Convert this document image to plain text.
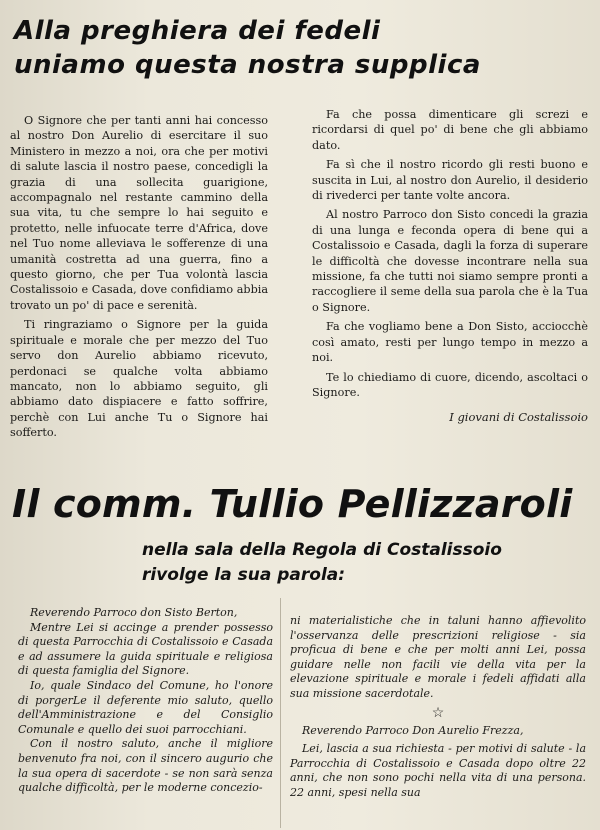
Alla preghiera dei fedeli
uniamo questa nostra supplica

O Signore che per tanti anni hai concesso al nostro Don Aurelio di esercitare il suo Ministero in mezzo a noi, ora che per motivi di salute lascia il nostro paese, concedigli la grazia di una sollecita guarigione, accompagnalo nel restante cammino della sua vita, tu che sempre lo hai seguito e protetto, nelle infuocate terre d'Africa, dove nel Tuo nome alleviava le sofferenze di una umanità costretta ad una guerra, fino a questo giorno, che per Tua volontà lascia Costalissoio e Casada, dove confidiamo abbia trovato un po' di pace e serenità.

Ti ringraziamo o Signore per la guida spirituale e morale che per mezzo del Tuo servo don Aurelio abbiamo ricevuto, perdonaci se qualche volta abbiamo mancato, non lo abbiamo seguito, gli abbiamo dato dispiacere e fatto soffrire, perchè con Lui anche Tu o Signore hai sofferto.

Fa che possa dimenticare gli screzi e ricordarsi di quel po' di bene che gli abbiamo dato.

Fa sì che il nostro ricordo gli resti buono e suscita in Lui, al nostro don Aurelio, il desiderio di rivederci per tante volte ancora.

Al nostro Parroco don Sisto concedi la grazia di una lunga e feconda opera di bene qui a Costalissoio e Casada, dagli la forza di superare le difficoltà che dovesse incontrare nella sua missione, fa che tutti noi siamo sempre pronti a raccogliere il seme della sua parola che è la Tua o Signore.

Fa che vogliamo bene a Don Sisto, acciocchè così amato, resti per lungo tempo in mezzo a noi.

Te lo chiediamo di cuore, dicendo, ascoltaci o Signore.

I giovani di Costalissoio
Il comm. Tullio Pellizzaroli
nella sala della Regola di Costalissoio
rivolge la sua parola:

Reverendo Parroco don Sisto Berton,

Mentre Lei si accinge a prender possesso di questa Parrocchia di Costalissoio e Casada e ad assumere la guida spirituale e religiosa di questa famiglia del Signore.

Io, quale Sindaco del Comune, ho l'onore di porgerLe il deferente mio saluto, quello dell'Amministrazione e del Consiglio Comunale e quello dei suoi parrocchiani.

Con il nostro saluto, anche il migliore benvenuto fra noi, con il sincero augurio che la sua opera di sacerdote - se non sarà senza qualche difficoltà, per le moderne concezio-

ni materialistiche che in taluni hanno affievolito l'osservanza delle prescrizioni religiose - sia proficua di bene e che per molti anni Lei, possa guidare nelle non facili vie della vita per la elevazione spirituale e morale i fedeli affidati alla sua missione sacerdotale.

☆

Reverendo Parroco Don Aurelio Frezza,

Lei, lascia a sua richiesta - per motivi di salute - la Parrocchia di Costalissoio e Casada dopo oltre 22 anni, che non sono pochi nella vita di una persona. 22 anni, spesi nella sua
